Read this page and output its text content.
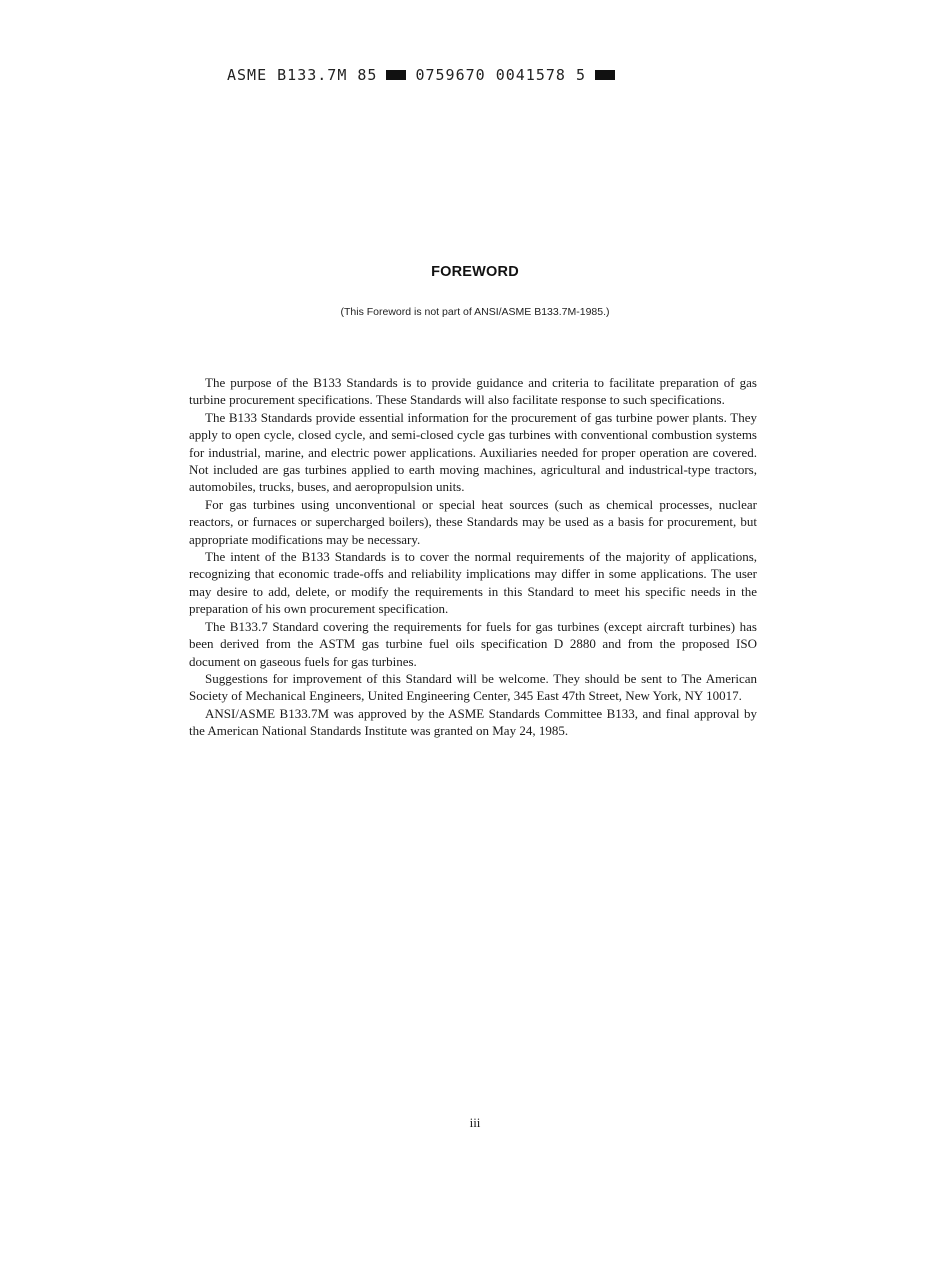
ASME B133.7M 85	0759670 0041578 5
FOREWORD
(This Foreword is not part of ANSI/ASME B133.7M-1985.)

The purpose of the B133 Standards is to provide guidance and criteria to facilitate preparation of gas turbine procurement specifications. These Standards will also facilitate response to such specifications.

The B133 Standards provide essential information for the procurement of gas turbine power plants. They apply to open cycle, closed cycle, and semi-closed cycle gas turbines with conventional combustion systems for industrial, marine, and electric power applications. Auxiliaries needed for proper operation are covered. Not included are gas turbines applied to earth moving machines, agricultural and industrical-type tractors, automobiles, trucks, buses, and aeropropulsion units.

For gas turbines using unconventional or special heat sources (such as chemical processes, nuclear reactors, or furnaces or supercharged boilers), these Standards may be used as a basis for procurement, but appropriate modifications may be necessary.

The intent of the B133 Standards is to cover the normal requirements of the majority of applications, recognizing that economic trade-offs and reliability implications may differ in some applications. The user may desire to add, delete, or modify the requirements in this Standard to meet his specific needs in the preparation of his own procurement specification.

The B133.7 Standard covering the requirements for fuels for gas turbines (except aircraft turbines) has been derived from the ASTM gas turbine fuel oils specification D 2880 and from the proposed ISO document on gaseous fuels for gas turbines.

Suggestions for improvement of this Standard will be welcome. They should be sent to The American Society of Mechanical Engineers, United Engineering Center, 345 East 47th Street, New York, NY 10017.

ANSI/ASME B133.7M was approved by the ASME Standards Committee B133, and final approval by the American National Standards Institute was granted on May 24, 1985.

iii
